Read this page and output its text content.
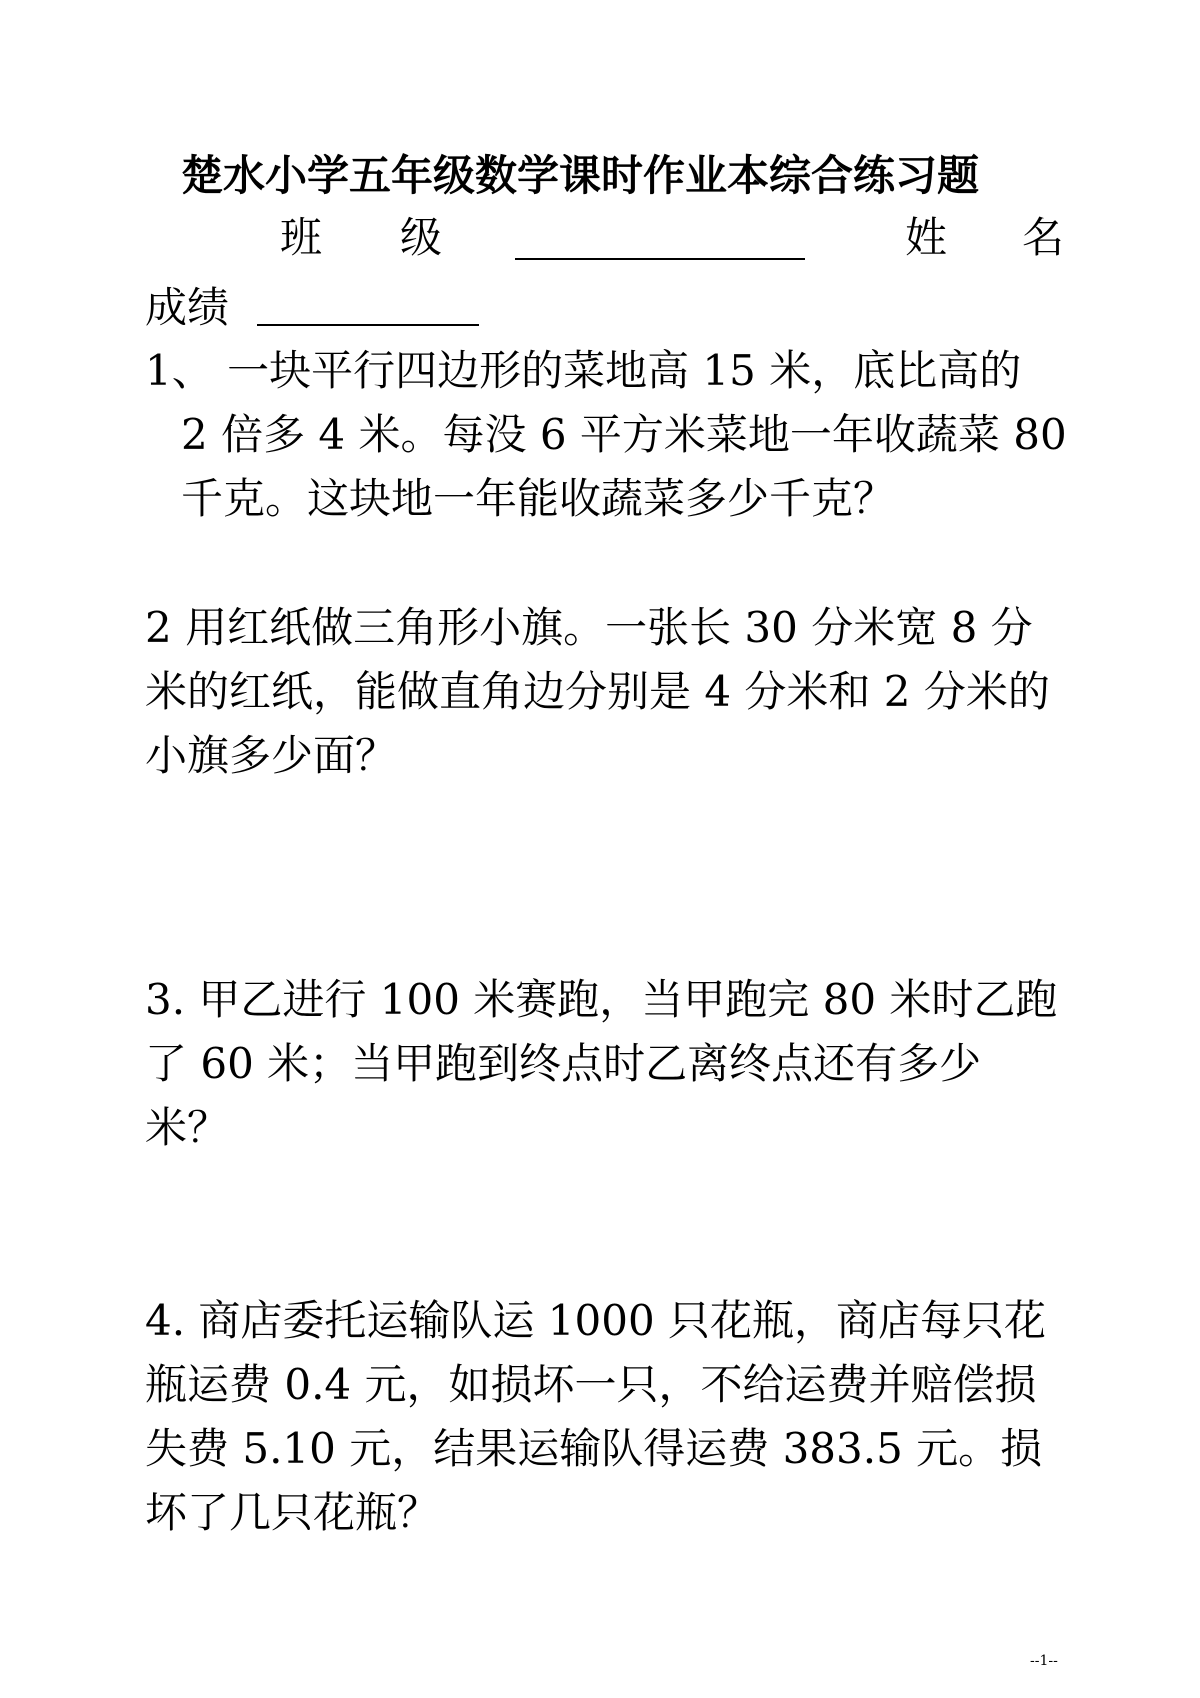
楚水小学五年级数学课时作业本综合练习题
班 级	姓 名
成绩
1、 一块平行四边形的菜地高 15 米，底比高的
2 倍多 4 米。每没 6 平方米菜地一年收蔬菜 80
千克。这块地一年能收蔬菜多少千克？
2 用红纸做三角形小旗。一张长 30 分米宽 8 分
米的红纸，能做直角边分别是 4 分米和 2 分米的
小旗多少面？
3. 甲乙进行 100 米赛跑，当甲跑完 80 米时乙跑
了 60 米；当甲跑到终点时乙离终点还有多少
米？
4. 商店委托运输队运 1000 只花瓶，商店每只花
瓶运费 0.4 元，如损坏一只，不给运费并赔偿损
失费 5.10 元，结果运输队得运费 383.5 元。损
坏了几只花瓶？
--1--
